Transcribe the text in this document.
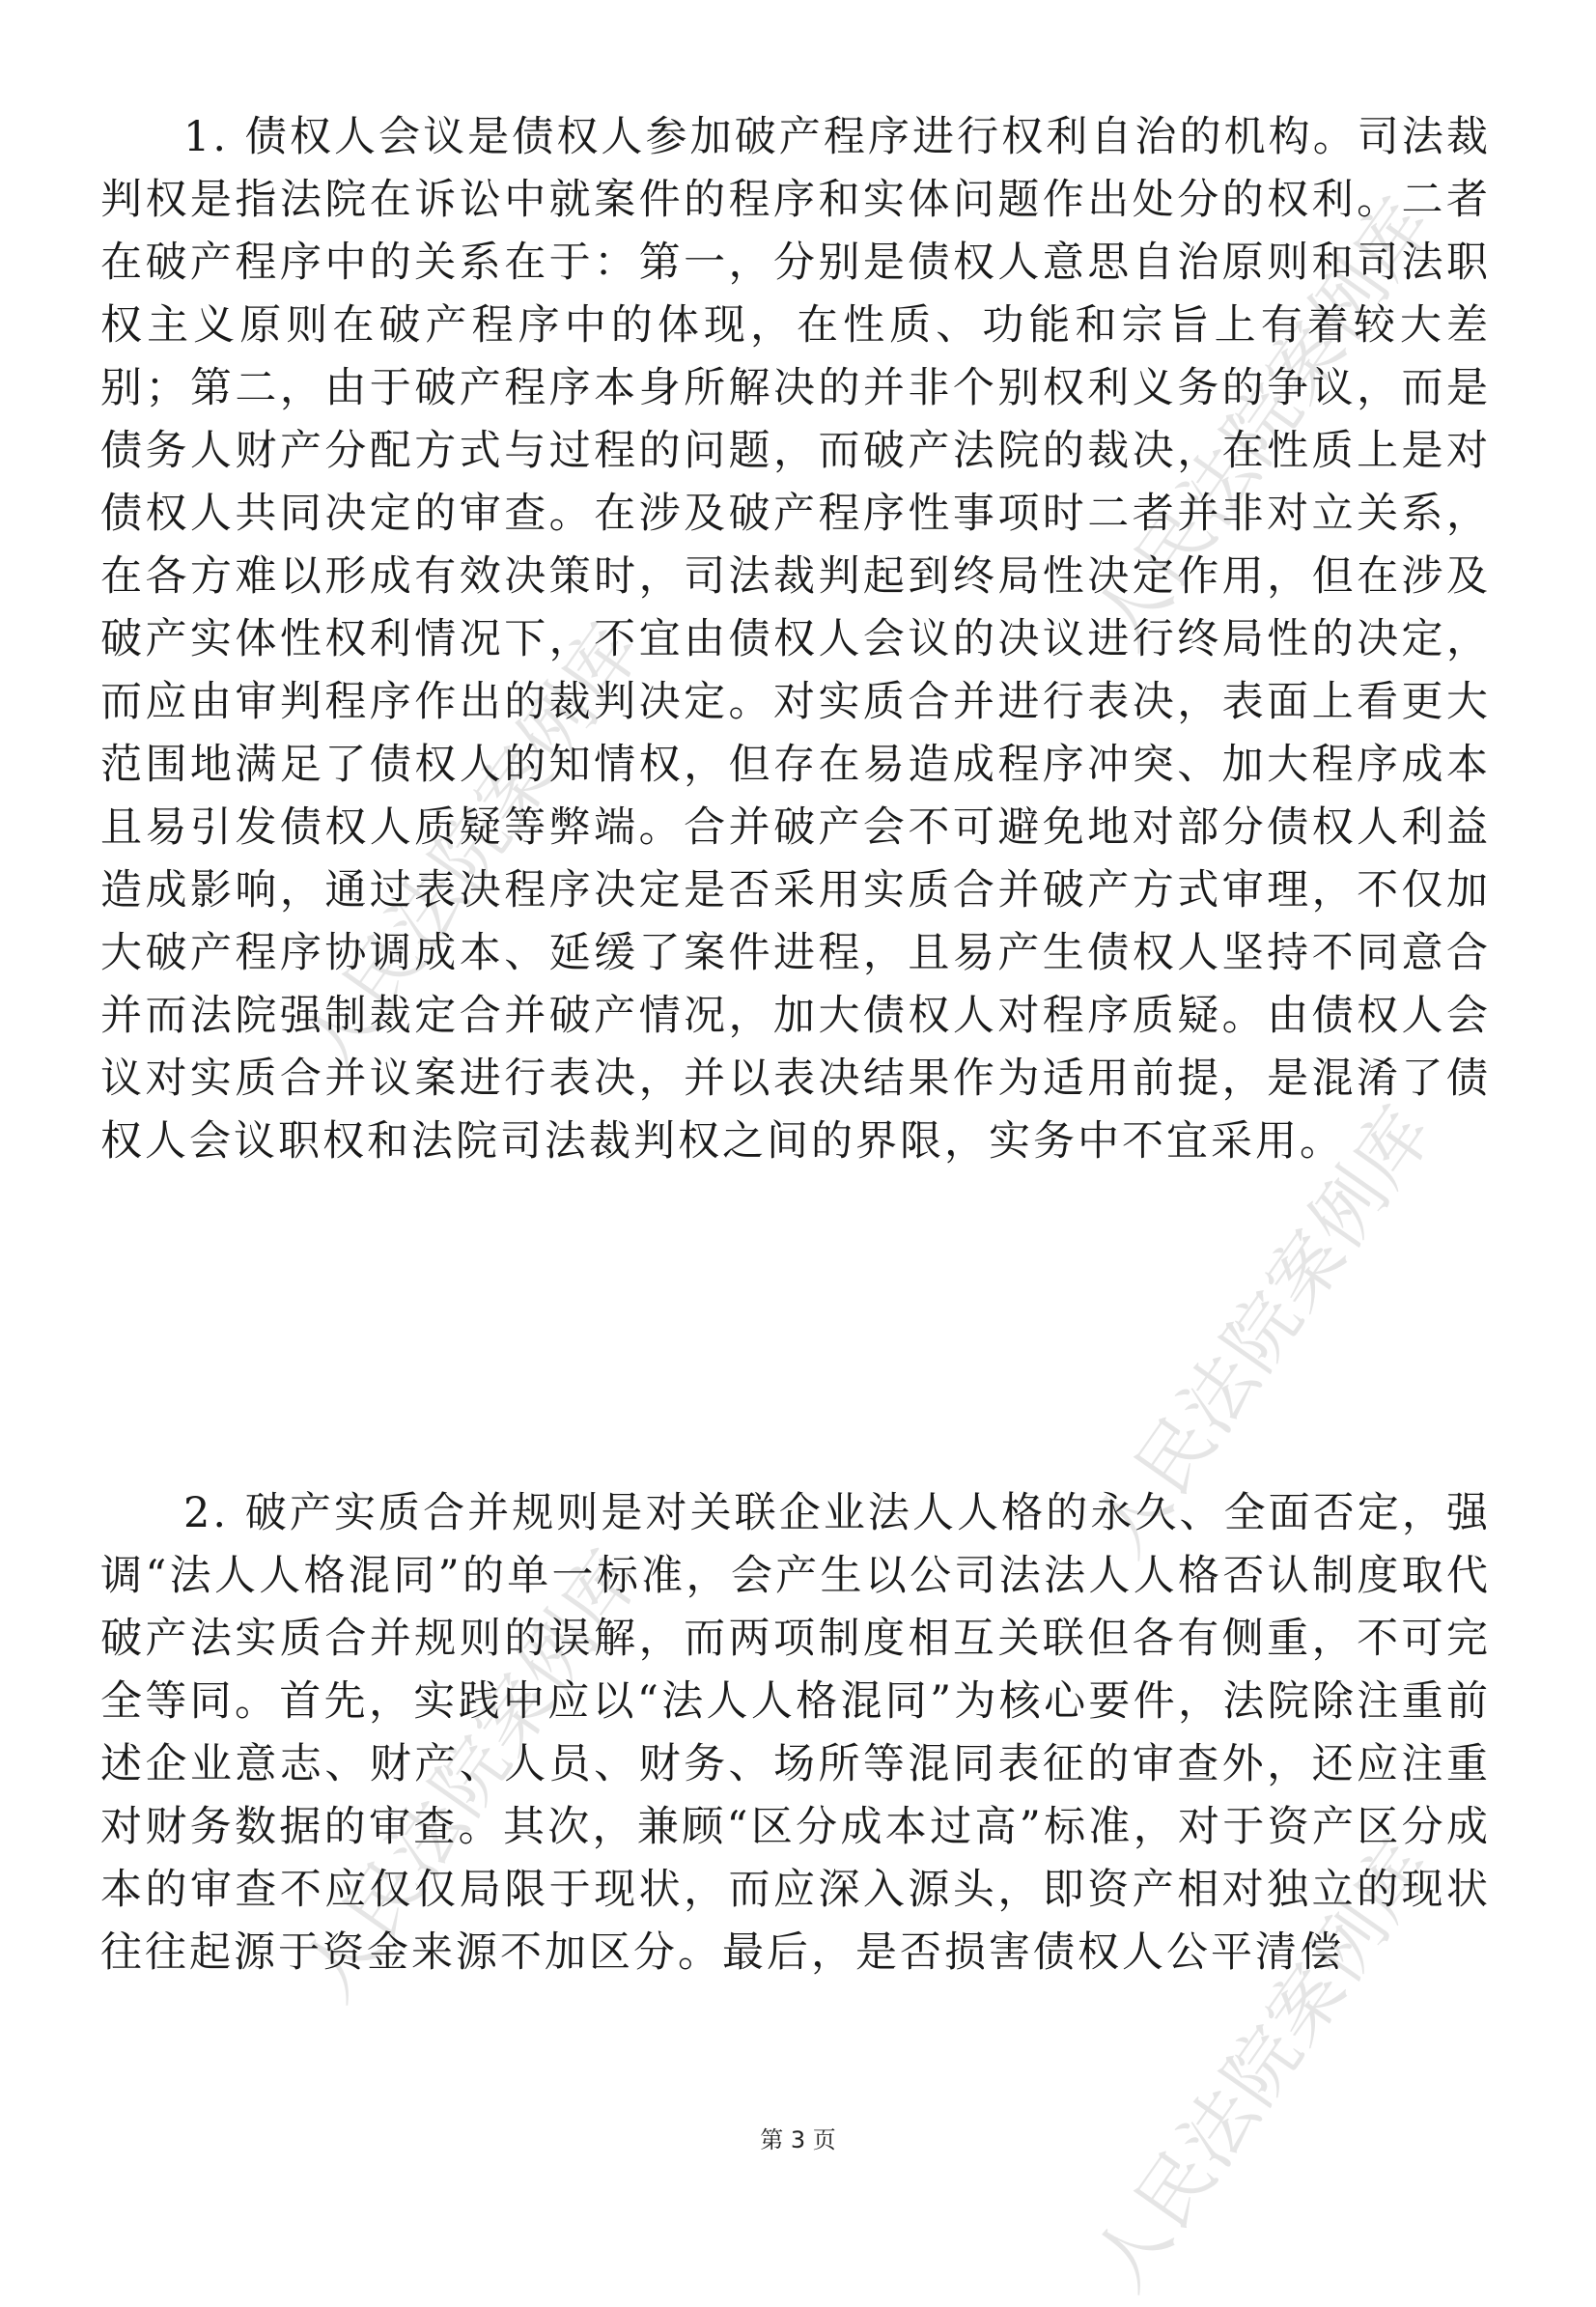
人民法院案例库
人民法院案例库
人民法院案例库
人民法院案例库
人民法院案例库

1. 债权人会议是债权人参加破产程序进行权利自治的机构。司法裁判权是指法院在诉讼中就案件的程序和实体问题作出处分的权利。二者在破产程序中的关系在于：第一，分别是债权人意思自治原则和司法职权主义原则在破产程序中的体现，在性质、功能和宗旨上有着较大差别；第二，由于破产程序本身所解决的并非个别权利义务的争议，而是债务人财产分配方式与过程的问题，而破产法院的裁决，在性质上是对债权人共同决定的审查。在涉及破产程序性事项时二者并非对立关系，在各方难以形成有效决策时，司法裁判起到终局性决定作用，但在涉及破产实体性权利情况下，不宜由债权人会议的决议进行终局性的决定，而应由审判程序作出的裁判决定。对实质合并进行表决，表面上看更大范围地满足了债权人的知情权，但存在易造成程序冲突、加大程序成本且易引发债权人质疑等弊端。合并破产会不可避免地对部分债权人利益造成影响，通过表决程序决定是否采用实质合并破产方式审理，不仅加大破产程序协调成本、延缓了案件进程，且易产生债权人坚持不同意合并而法院强制裁定合并破产情况，加大债权人对程序质疑。由债权人会议对实质合并议案进行表决，并以表决结果作为适用前提，是混淆了债权人会议职权和法院司法裁判权之间的界限，实务中不宜采用。

2. 破产实质合并规则是对关联企业法人人格的永久、全面否定，强调“法人人格混同”的单一标准，会产生以公司法法人人格否认制度取代破产法实质合并规则的误解，而两项制度相互关联但各有侧重，不可完全等同。首先，实践中应以“法人人格混同”为核心要件，法院除注重前述企业意志、财产、人员、财务、场所等混同表征的审查外，还应注重对财务数据的审查。其次，兼顾“区分成本过高”标准，对于资产区分成本的审查不应仅仅局限于现状，而应深入源头，即资产相对独立的现状往往起源于资金来源不加区分。最后，是否损害债权人公平清偿

第 3 页
